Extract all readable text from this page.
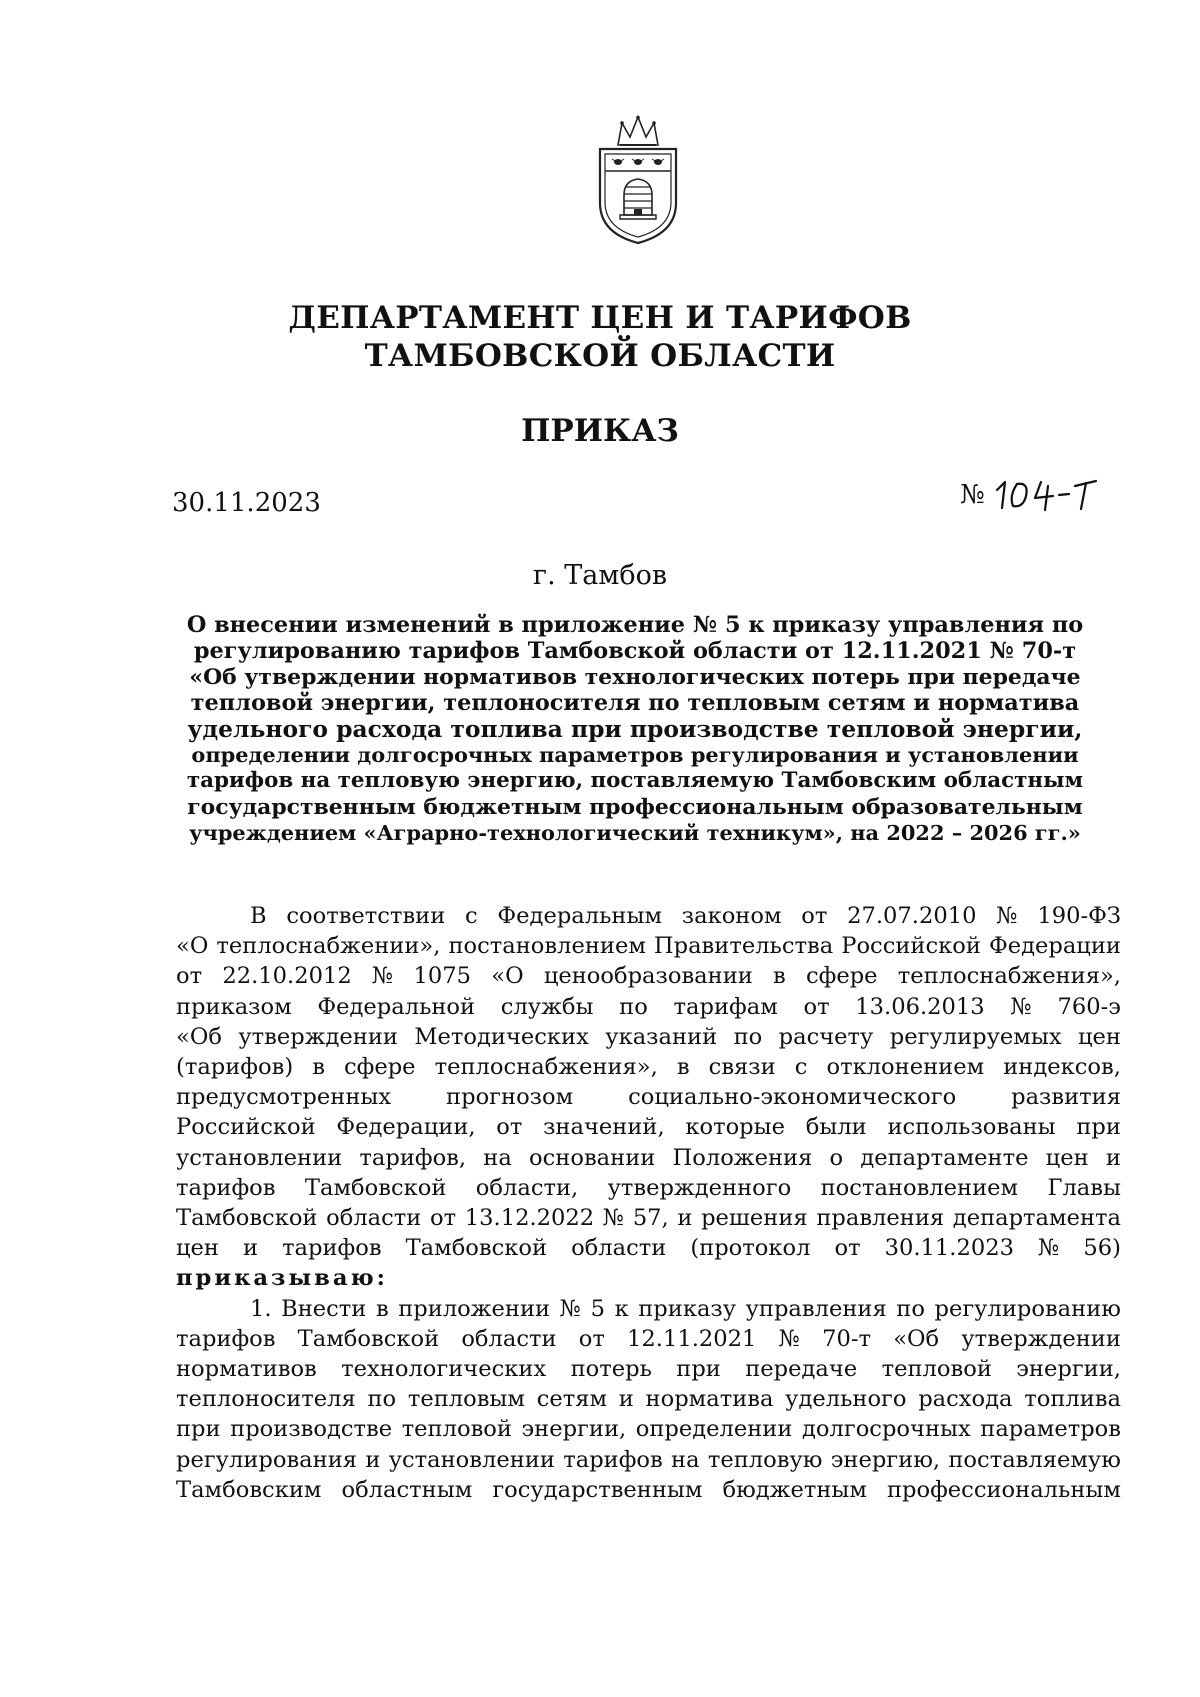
ДЕПАРТАМЕНТ ЦЕН И ТАРИФОВ
ТАМБОВСКОЙ ОБЛАСТИ
ПРИКАЗ
30.11.2023	№
г. Тамбов
О внесении изменений в приложение № 5 к приказу управления по
регулированию тарифов Тамбовской области от 12.11.2021 № 70-т
«Об утверждении нормативов технологических потерь при передаче
тепловой энергии, теплоносителя по тепловым сетям и норматива
удельного расхода топлива при производстве тепловой энергии,
определении долгосрочных параметров регулирования и установлении
тарифов на тепловую энергию, поставляемую Тамбовским областным
государственным бюджетным профессиональным образовательным
учреждением «Аграрно-технологический техникум», на 2022 – 2026 гг.»
В соответствии с Федеральным законом от 27.07.2010 № 190-ФЗ
«О теплоснабжении», постановлением Правительства Российской Федерации
от 22.10.2012 № 1075 «О ценообразовании в сфере теплоснабжения»,
приказом Федеральной службы по тарифам от 13.06.2013 № 760-э
«Об утверждении Методических указаний по расчету регулируемых цен
(тарифов) в сфере теплоснабжения», в связи с отклонением индексов,
предусмотренных прогнозом социально-экономического развития
Российской Федерации, от значений, которые были использованы при
установлении тарифов, на основании Положения о департаменте цен и
тарифов Тамбовской области, утвержденного постановлением Главы
Тамбовской области от 13.12.2022 № 57, и решения правления департамента
цен и тарифов Тамбовской области (протокол от 30.11.2023 № 56)
приказываю:
1. Внести в приложении № 5 к приказу управления по регулированию
тарифов Тамбовской области от 12.11.2021 № 70-т «Об утверждении
нормативов технологических потерь при передаче тепловой энергии,
теплоносителя по тепловым сетям и норматива удельного расхода топлива
при производстве тепловой энергии, определении долгосрочных параметров
регулирования и установлении тарифов на тепловую энергию, поставляемую
Тамбовским областным государственным бюджетным профессиональным
